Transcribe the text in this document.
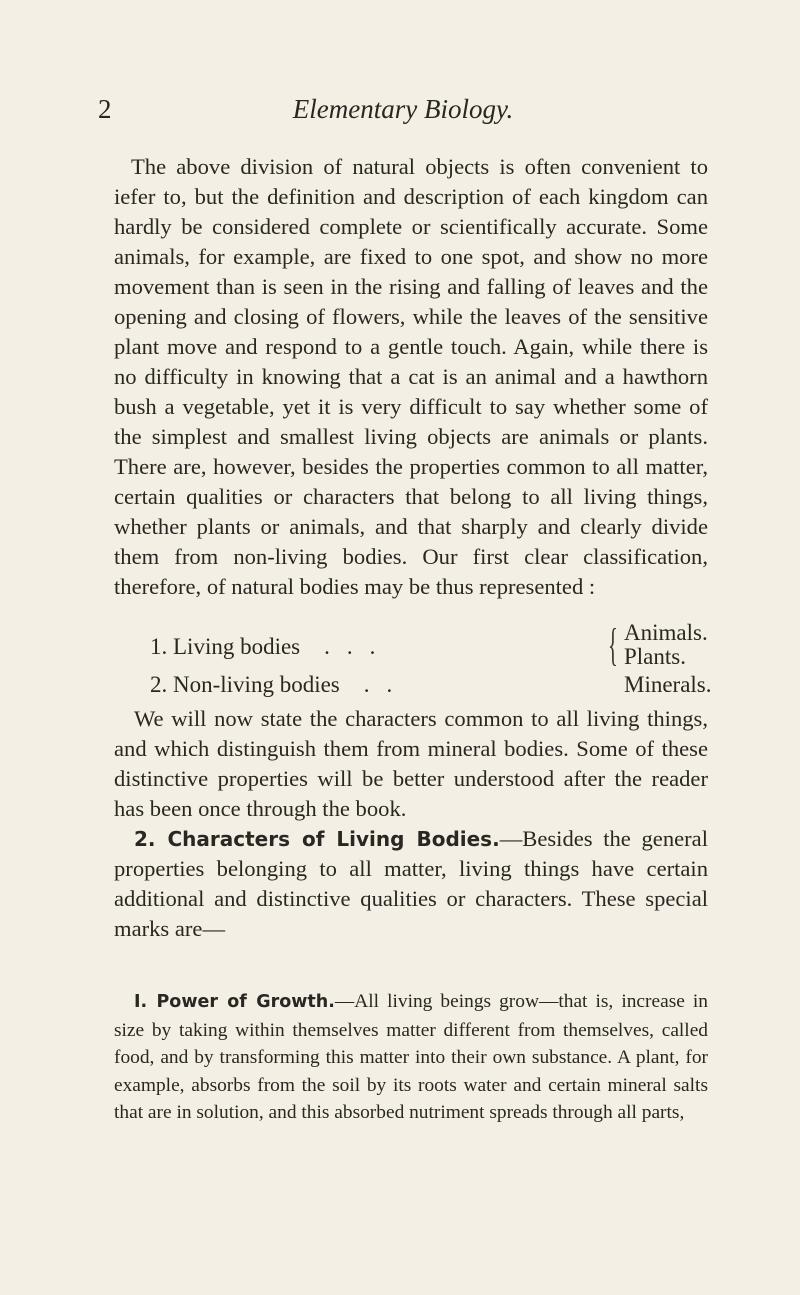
2	Elementary Biology.
The above division of natural objects is often convenient to iefer to, but the definition and description of each kingdom can hardly be considered complete or scientifically accurate. Some animals, for example, are fixed to one spot, and show no more movement than is seen in the rising and falling of leaves and the opening and closing of flowers, while the leaves of the sensitive plant move and respond to a gentle touch. Again, while there is no difficulty in knowing that a cat is an animal and a hawthorn bush a vegetable, yet it is very difficult to say whether some of the simplest and smallest living objects are animals or plants. There are, however, besides the properties common to all matter, certain qualities or characters that belong to all living things, whether plants or animals, and that sharply and clearly divide them from non-living bodies. Our first clear classification, therefore, of natural bodies may be thus represented :
1. Living bodies ...	{ Animals.
Plants.
2. Non-living bodies ..	Minerals.
We will now state the characters common to all living things, and which distinguish them from mineral bodies. Some of these distinctive properties will be better understood after the reader has been once through the book.
2. Characters of Living Bodies.—Besides the general properties belonging to all matter, living things have certain additional and distinctive qualities or characters. These special marks are—
I. Power of Growth.—All living beings grow—that is, increase in size by taking within themselves matter different from themselves, called food, and by transforming this matter into their own substance. A plant, for example, absorbs from the soil by its roots water and certain mineral salts that are in solution, and this absorbed nutriment spreads through all parts,
